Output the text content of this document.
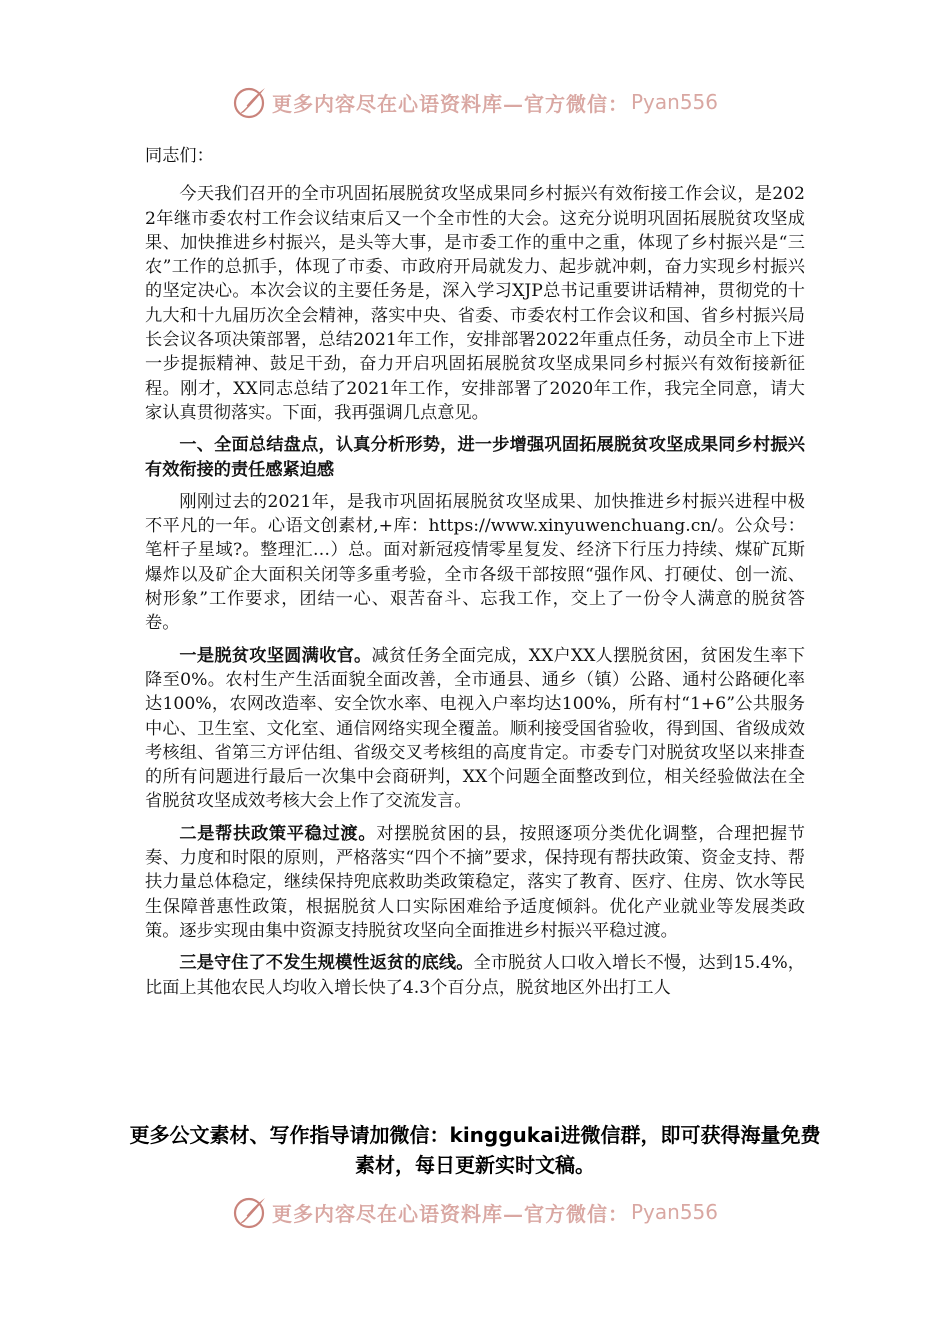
更多内容尽在心语资料库—官方微信： Pyan556

同志们：

今天我们召开的全市巩固拓展脱贫攻坚成果同乡村振兴有效衔接工作会议，是2022年继市委农村工作会议结束后又一个全市性的大会。这充分说明巩固拓展脱贫攻坚成果、加快推进乡村振兴，是头等大事，是市委工作的重中之重，体现了乡村振兴是“三农”工作的总抓手，体现了市委、市政府开局就发力、起步就冲刺，奋力实现乡村振兴的坚定决心。本次会议的主要任务是，深入学习XJP总书记重要讲话精神，贯彻党的十九大和十九届历次全会精神，落实中央、省委、市委农村工作会议和国、省乡村振兴局长会议各项决策部署，总结2021年工作，安排部署2022年重点任务，动员全市上下进一步提振精神、鼓足干劲，奋力开启巩固拓展脱贫攻坚成果同乡村振兴有效衔接新征程。刚才，XX同志总结了2021年工作，安排部署了2020年工作，我完全同意，请大家认真贯彻落实。下面，我再强调几点意见。

一、全面总结盘点，认真分析形势，进一步增强巩固拓展脱贫攻坚成果同乡村振兴有效衔接的责任感紧迫感

刚刚过去的2021年，是我市巩固拓展脱贫攻坚成果、加快推进乡村振兴进程中极不平凡的一年。心语文创素材,+库：https://www.xinyuwenchuang.cn/。公众号：笔杆子星域?。整理汇…）总。面对新冠疫情零星复发、经济下行压力持续、煤矿瓦斯爆炸以及矿企大面积关闭等多重考验，全市各级干部按照“强作风、打硬仗、创一流、树形象”工作要求，团结一心、艰苦奋斗、忘我工作，交上了一份令人满意的脱贫答卷。

一是脱贫攻坚圆满收官。减贫任务全面完成，XX户XX人摆脱贫困，贫困发生率下降至0%。农村生产生活面貌全面改善，全市通县、通乡（镇）公路、通村公路硬化率达100%，农网改造率、安全饮水率、电视入户率均达100%，所有村“1+6”公共服务中心、卫生室、文化室、通信网络实现全覆盖。顺利接受国省验收，得到国、省级成效考核组、省第三方评估组、省级交叉考核组的高度肯定。市委专门对脱贫攻坚以来排查的所有问题进行最后一次集中会商研判，XX个问题全面整改到位，相关经验做法在全省脱贫攻坚成效考核大会上作了交流发言。

二是帮扶政策平稳过渡。对摆脱贫困的县，按照逐项分类优化调整，合理把握节奏、力度和时限的原则，严格落实“四个不摘”要求，保持现有帮扶政策、资金支持、帮扶力量总体稳定，继续保持兜底救助类政策稳定，落实了教育、医疗、住房、饮水等民生保障普惠性政策，根据脱贫人口实际困难给予适度倾斜。优化产业就业等发展类政策。逐步实现由集中资源支持脱贫攻坚向全面推进乡村振兴平稳过渡。

三是守住了不发生规模性返贫的底线。全市脱贫人口收入增长不慢，达到15.4%，比面上其他农民人均收入增长快了4.3个百分点，脱贫地区外出打工人

更多公文素材、写作指导请加微信：kinggukai进微信群，即可获得海量免费素材，每日更新实时文稿。
更多内容尽在心语资料库—官方微信： Pyan556
